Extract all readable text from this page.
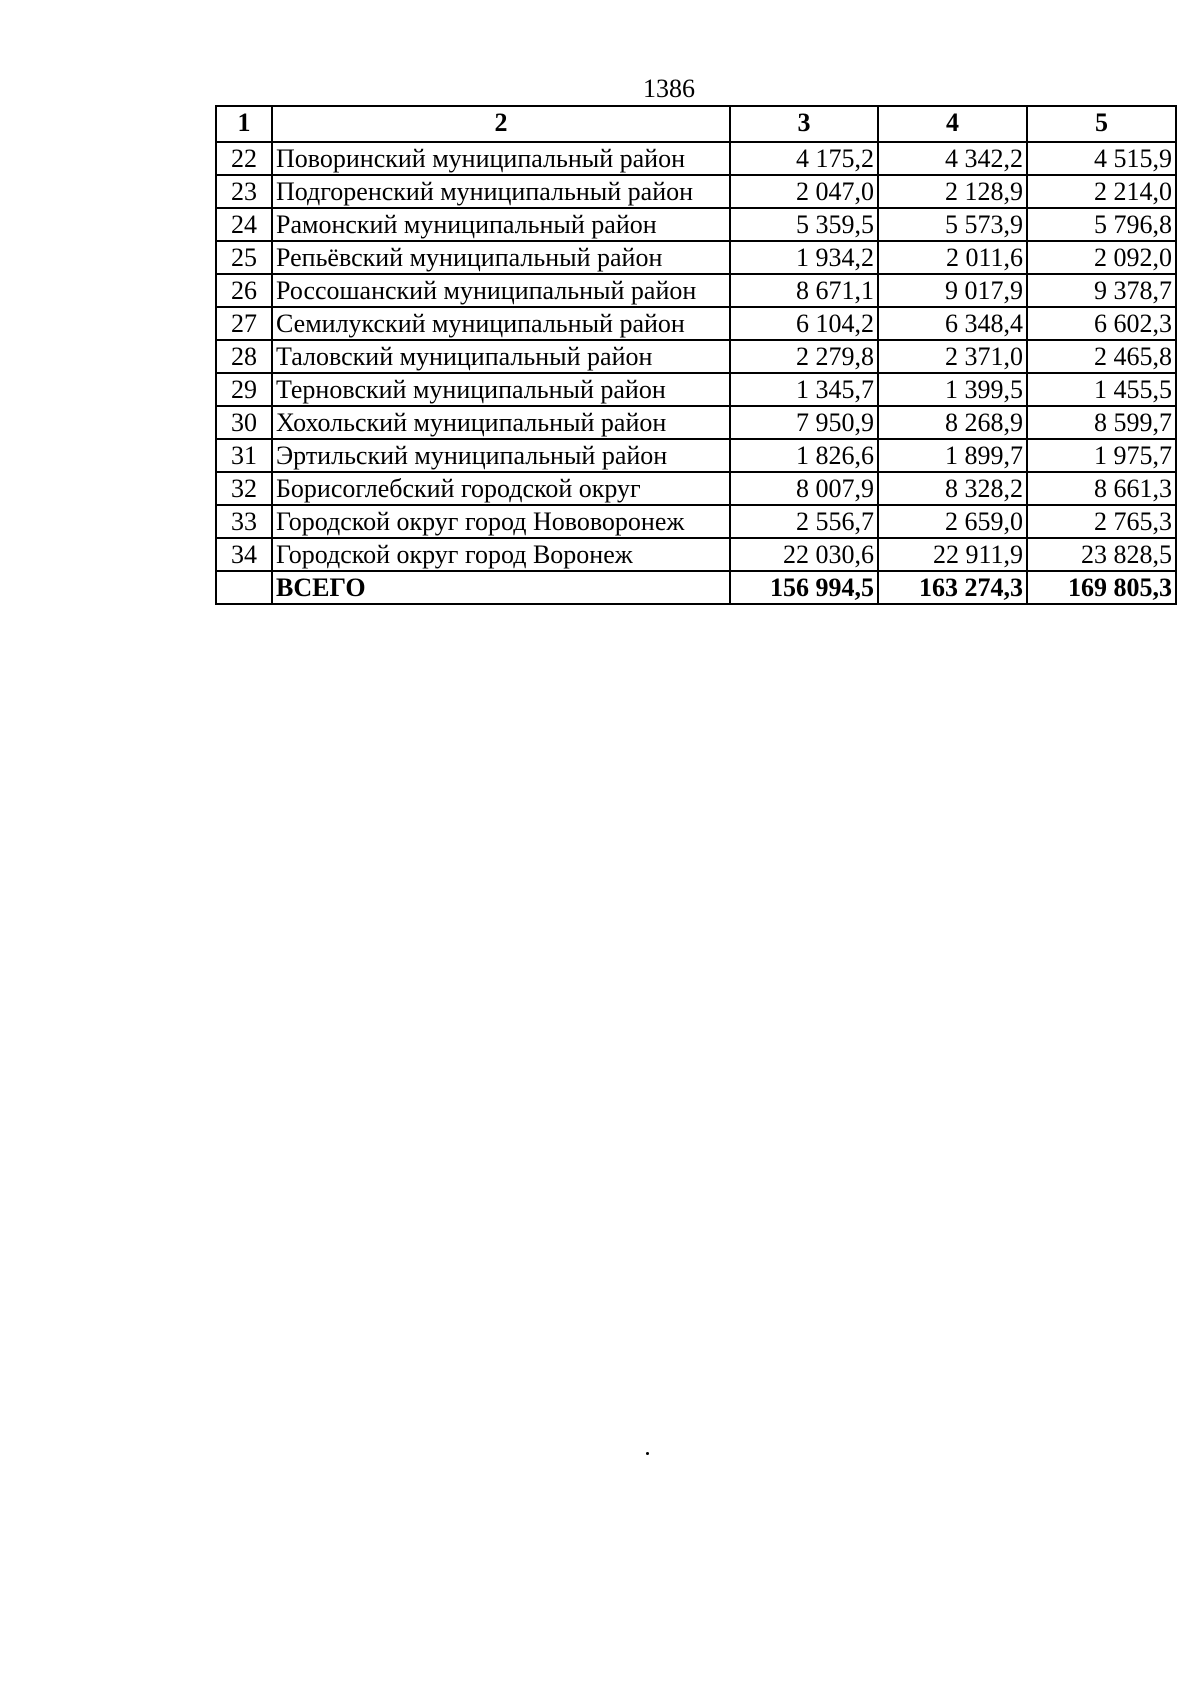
1386
1	2	3	4	5
22	Поворинский муниципальный район	4 175,2	4 342,2	4 515,9
23	Подгоренский муниципальный район	2 047,0	2 128,9	2 214,0
24	Рамонский муниципальный район	5 359,5	5 573,9	5 796,8
25	Репьёвский муниципальный район	1 934,2	2 011,6	2 092,0
26	Россошанский муниципальный район	8 671,1	9 017,9	9 378,7
27	Семилукский муниципальный район	6 104,2	6 348,4	6 602,3
28	Таловский муниципальный район	2 279,8	2 371,0	2 465,8
29	Терновский муниципальный район	1 345,7	1 399,5	1 455,5
30	Хохольский муниципальный район	7 950,9	8 268,9	8 599,7
31	Эртильский муниципальный район	1 826,6	1 899,7	1 975,7
32	Борисоглебский городской округ	8 007,9	8 328,2	8 661,3
33	Городской округ город Нововоронеж	2 556,7	2 659,0	2 765,3
34	Городской округ город Воронеж	22 030,6	22 911,9	23 828,5
	ВСЕГО	156 994,5	163 274,3	169 805,3
